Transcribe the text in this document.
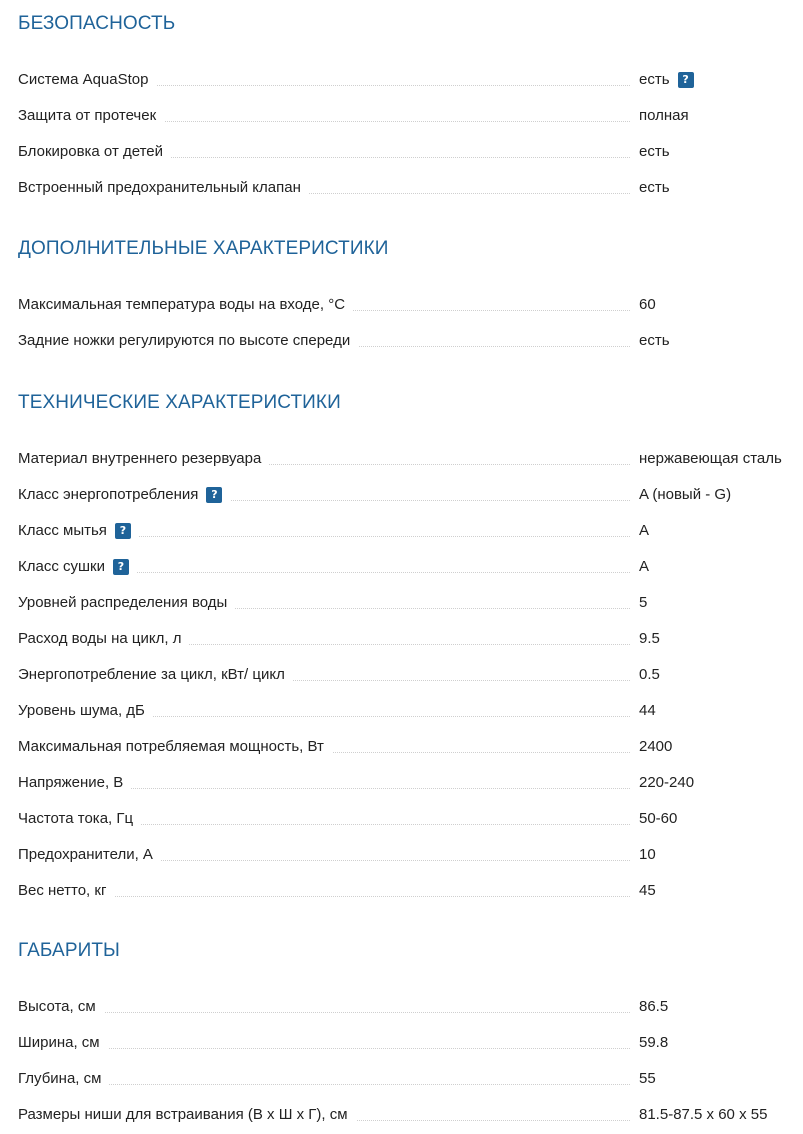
БЕЗОПАСНОСТЬ
Система AquaStop	есть ?
Защита от протечек	полная
Блокировка от детей	есть
Встроенный предохранительный клапан	есть
ДОПОЛНИТЕЛЬНЫЕ ХАРАКТЕРИСТИКИ
Максимальная температура воды на входе, °C	60
Задние ножки регулируются по высоте спереди	есть
ТЕХНИЧЕСКИЕ ХАРАКТЕРИСТИКИ
Материал внутреннего резервуара	нержавеющая сталь
Класс энергопотребления ?	A (новый - G)
Класс мытья ?	A
Класс сушки ?	A
Уровней распределения воды	5
Расход воды на цикл, л	9.5
Энергопотребление за цикл, кВт/ цикл	0.5
Уровень шума, дБ	44
Максимальная потребляемая мощность, Вт	2400
Напряжение, В	220-240
Частота тока, Гц	50-60
Предохранители, А	10
Вес нетто, кг	45
ГАБАРИТЫ
Высота, см	86.5
Ширина, см	59.8
Глубина, см	55
Размеры ниши для встраивания (В х Ш х Г), см	81.5-87.5 x 60 x 55
